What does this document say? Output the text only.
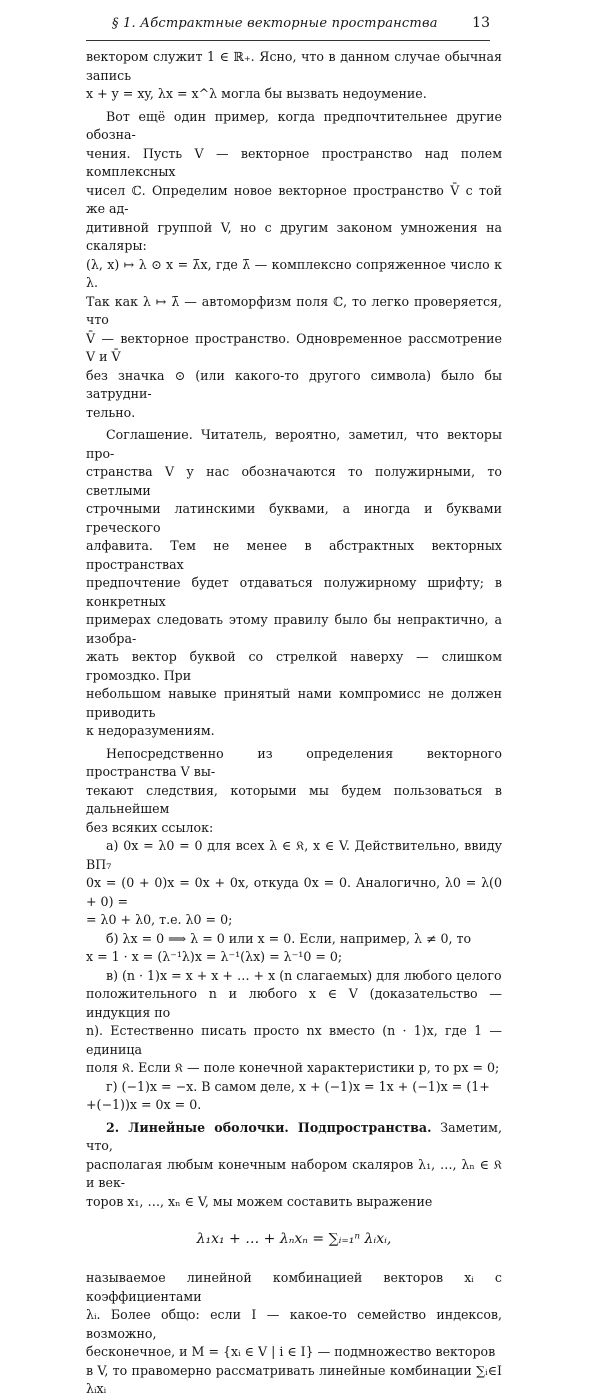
§ 1. Абстрактные векторные пространства 13

вектором служит 1 ∈ ℝ₊. Ясно, что в данном случае обычная запись

x + y = xy, λx = x^λ могла бы вызвать недоумение.

Вот ещё один пример, когда предпочтительнее другие обозна-

чения. Пусть V — векторное пространство над полем комплексных

чисел ℂ. Определим новое векторное пространство V̄ с той же ад-

дитивной группой V, но с другим законом умножения на скаляры:

(λ, x) ↦ λ ⊙ x = λ̄x, где λ̄ — комплексно сопряженное число к λ.

Так как λ ↦ λ̄ — автоморфизм поля ℂ, то легко проверяется, что

V̄ — векторное пространство. Одновременное рассмотрение V и V̄

без значка ⊙ (или какого-то другого символа) было бы затрудни-

тельно.

Соглашение. Читатель, вероятно, заметил, что векторы про-

странства V у нас обозначаются то полужирными, то светлыми

строчными латинскими буквами, а иногда и буквами греческого

алфавита. Тем не менее в абстрактных векторных пространствах

предпочтение будет отдаваться полужирному шрифту; в конкретных

примерах следовать этому правилу было бы непрактично, а изобра-

жать вектор буквой со стрелкой наверху — слишком громоздко. При

небольшом навыке принятый нами компромисс не должен приводить

к недоразумениям.

Непосредственно из определения векторного пространства V вы-

текают следствия, которыми мы будем пользоваться в дальнейшем

без всяких ссылок:

а) 0x = λ0 = 0 для всех λ ∈ 𝔎, x ∈ V. Действительно, ввиду ВП₇

0x = (0 + 0)x = 0x + 0x, откуда 0x = 0. Аналогично, λ0 = λ(0 + 0) =

= λ0 + λ0, т.е. λ0 = 0;

б) λx = 0 ⟹ λ = 0 или x = 0. Если, например, λ ≠ 0, то

x = 1 · x = (λ⁻¹λ)x = λ⁻¹(λx) = λ⁻¹0 = 0;

в) (n · 1)x = x + x + … + x (n слагаемых) для любого целого

положительного n и любого x ∈ V (доказательство — индукция по

n). Естественно писать просто nx вместо (n · 1)x, где 1 — единица

поля 𝔎. Если 𝔎 — поле конечной характеристики p, то px = 0;

г) (−1)x = −x. В самом деле, x + (−1)x = 1x + (−1)x = (1+

+(−1))x = 0x = 0.

2. Линейные оболочки. Подпространства. Заметим, что,

располагая любым конечным набором скаляров λ₁, …, λₙ ∈ 𝔎 и век-

торов x₁, …, xₙ ∈ V, мы можем составить выражение

λ₁x₁ + … + λₙxₙ = ∑ᵢ₌₁ⁿ λᵢxᵢ,

называемое линейной комбинацией векторов xᵢ с коэффициентами

λᵢ. Более общо: если I — какое-то семейство индексов, возможно,

бесконечное, и M = {xᵢ ∈ V | i ∈ I} — подмножество векторов

в V, то правомерно рассматривать линейные комбинации ∑ᵢ∈I λᵢxᵢ
